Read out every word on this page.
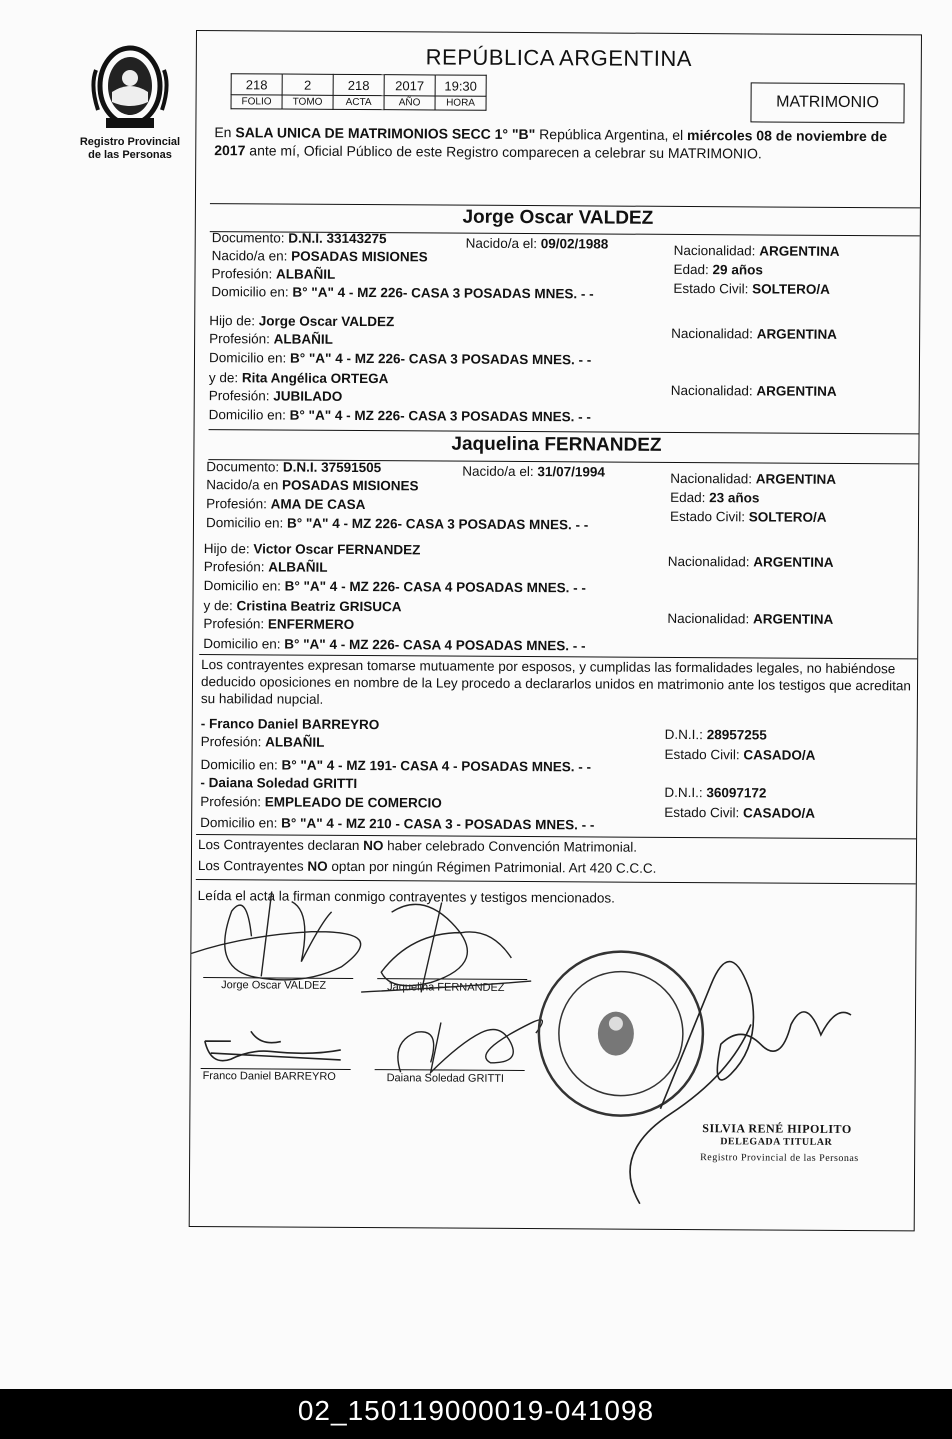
Registro Provincial
de las Personas
REPÚBLICA ARGENTINA
218	2	218	2017	19:30
FOLIO	TOMO	ACTA	AÑO	HORA	MATRIMONIO
En SALA UNICA DE MATRIMONIOS SECC 1° "B" República Argentina, el miércoles 08 de noviembre de 2017 ante mí, Oficial Público de este Registro comparecen a celebrar su MATRIMONIO.
Jorge Oscar VALDEZ
Documento: D.N.I. 33143275	Nacido/a el: 09/02/1988	Nacionalidad: ARGENTINA
Nacido/a en: POSADAS MISIONES
Edad: 29 años
Profesión: ALBAÑIL
Estado Civil: SOLTERO/A
Domicilio en: B° "A" 4 - MZ 226- CASA 3 POSADAS MNES. - -
Hijo de: Jorge Oscar VALDEZ
Nacionalidad: ARGENTINA
Profesión: ALBAÑIL
Domicilio en: B° "A" 4 - MZ 226- CASA 3 POSADAS MNES. - -
y de: Rita Angélica ORTEGA
Nacionalidad: ARGENTINA
Profesión: JUBILADO
Domicilio en: B° "A" 4 - MZ 226- CASA 3 POSADAS MNES. - -
Jaquelina FERNANDEZ
Documento: D.N.I. 37591505	Nacido/a el: 31/07/1994	Nacionalidad: ARGENTINA
Nacido/a en POSADAS MISIONES
Edad: 23 años
Profesión: AMA DE CASA
Estado Civil: SOLTERO/A
Domicilio en: B° "A" 4 - MZ 226- CASA 3 POSADAS MNES. - -
Hijo de: Victor Oscar FERNANDEZ
Nacionalidad: ARGENTINA
Profesión: ALBAÑIL
Domicilio en: B° "A" 4 - MZ 226- CASA 4 POSADAS MNES. - -
y de: Cristina Beatriz GRISUCA
Nacionalidad: ARGENTINA
Profesión: ENFERMERO
Domicilio en: B° "A" 4 - MZ 226- CASA 4 POSADAS MNES. - -
Los contrayentes expresan tomarse mutuamente por esposos, y cumplidas las formalidades legales, no habiéndose deducido oposiciones en nombre de la Ley procedo a declararlos unidos en matrimonio ante los testigos que acreditan su habilidad nupcial.
- Franco Daniel BARREYRO
D.N.I.: 28957255
Profesión: ALBAÑIL
Estado Civil: CASADO/A
Domicilio en: B° "A" 4 - MZ 191- CASA 4 - POSADAS MNES. - -
- Daiana Soledad GRITTI
D.N.I.: 36097172
Profesión: EMPLEADO DE COMERCIO
Estado Civil: CASADO/A
Domicilio en: B° "A" 4 - MZ 210 - CASA 3 - POSADAS MNES. - -
Los Contrayentes declaran NO haber celebrado Convención Matrimonial.
Los Contrayentes NO optan por ningún Régimen Patrimonial. Art 420 C.C.C.
Leída el acta la firman conmigo contrayentes y testigos mencionados.
Jorge Oscar VALDEZ	Jaquelina FERNANDEZ
Franco Daniel BARREYRO	Daiana Soledad GRITTI
SILVIA RENÉ HIPOLITO
DELEGADA TITULAR
Registro Provincial de las Personas
02_150119000019-041098
